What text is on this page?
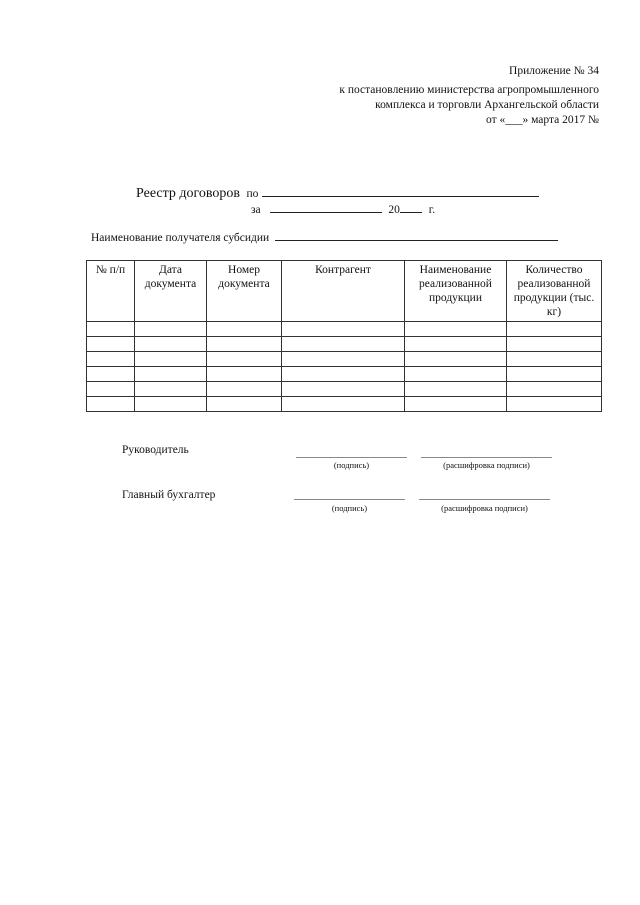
Приложение № 34
к постановлению министерства агропромышленного
комплекса и торговли Архангельской области
от «___» марта 2017 №
Реестр договоров по
за	20	г.
Наименование получателя субсидии
№ п/п	Дата документа	Номер документа	Контрагент	Наименование реализованной продукции	Количество реализованной продукции (тыс. кг)

Руководитель
(подпись)	(расшифровка подписи)
Главный бухгалтер
(подпись)	(расшифровка подписи)
